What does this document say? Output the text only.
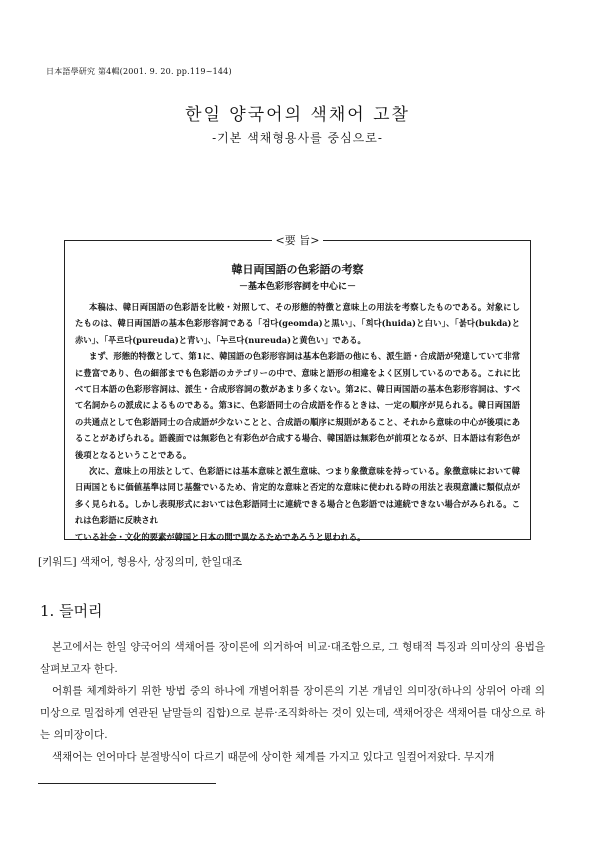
日本語學研究 第4輯(2001. 9. 20. pp.119~144)
한일 양국어의 색채어 고찰
-기본 색채형용사를 중심으로-
<要 旨>
韓日両国語の色彩語の考察
－基本色彩形容詞を中心に－

本稿は、韓日両国語の色彩語を比較・対照して、その形態的特徴と意味上の用法を考察したものである。対象にしたものは、韓日両国語の基本色彩形容詞である「검다(geomda)と黒い」、「희다(huida)と白い」、「붉다(bukda)と赤い」、「푸르다(pureuda)と青い」、「누르다(nureuda)と黄色い」である。

まず、形態的特徴として、第1に、韓国語の色彩形容詞は基本色彩語の他にも、派生語・合成語が発達していて非常に豊富であり、色の細部までも色彩語のカテゴリーの中で、意味と語形の相違をよく区別しているのである。これに比べて日本語の色彩形容詞は、派生・合成形容詞の数があまり多くない。第2に、韓日両国語の基本色彩形容詞は、すべて名詞からの派成によるものである。第3に、色彩語同士の合成語を作るときは、一定の順序が見られる。韓日両国語の共通点として色彩語同士の合成語が少ないことと、合成語の順序に規則があること、それから意味の中心が後項にあることがあげられる。語義面では無彩色と有彩色が合成する場合、韓国語は無彩色が前項となるが、日本語は有彩色が後項となるということである。

次に、意味上の用法として、色彩語には基本意味と派生意味、つまり象徴意味を持っている。象徴意味において韓日両国ともに価値基準は同じ基盤でいるため、肯定的な意味と否定的な意味に使われる時の用法と表現意識に類似点が多く見られる。しかし表現形式においては色彩語同士に連続できる場合と色彩語では連続できない場合がみられる。これは色彩語に反映され

ている社会・文化的要素が韓国と日本の間で異なるためであろうと思われる。

[키워드] 색채어, 형용사, 상징의미, 한일대조
1. 들머리

본고에서는 한일 양국어의 색채어를 장이론에 의거하여 비교·대조함으로, 그 형태적 특징과 의미상의 용법을 살펴보고자 한다.

어휘를 체계화하기 위한 방법 중의 하나에 개별어휘를 장이론의 기본 개념인 의미장(하나의 상위어 아래 의미상으로 밀접하게 연관된 낱말들의 집합)으로 분류·조직화하는 것이 있는데, 색채어장은 색채어를 대상으로 하는 의미장이다.

색채어는 언어마다 분절방식이 다르기 때문에 상이한 체계를 가지고 있다고 일컬어져왔다. 무지개
